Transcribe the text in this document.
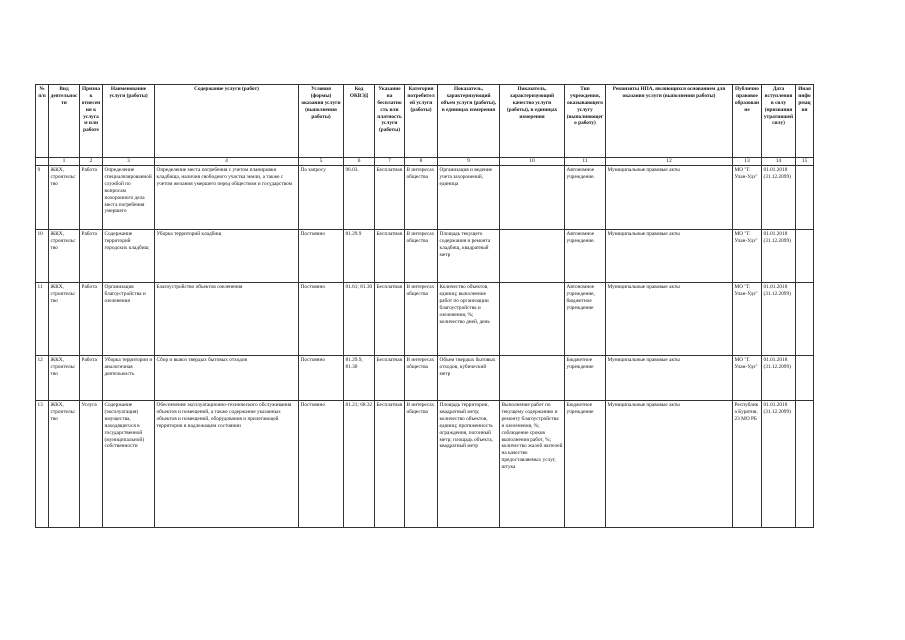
№ п/п	Вид деятельности	Признак отнесения к услугам или работе	Наименование услуги (работы)	Содержание услуги (работ)	Условия (формы) оказания услуги (выполнения работы)	Код ОКВЭД	Указание на бесплатность или платность услуги (работы)	Категория потребителей услуги (работы)	Показатель, характеризующий объем услуги (работы), в единицах измерения	Показатель, характеризующий качество услуги (работы), в единицах измерения	Тип учреждения, оказывающего услугу (выполняющего работу)	Реквизиты НПА, являющихся основанием для оказания услуги (выполнения работы)	Публичноправовое образование	Дата вступления в силу (признания утратившей силу)	Иная информация
	1	2	3	4	5	6	7	8	9	10	11	12	13	14	15
9	ЖКХ, строительство	Работа	Определение специализированной службой по вопросам похоронного дела места погребения умершего	Определение места погребения с учетом планировки кладбища, наличия свободного участка земли, а также с учетом желания умершего перед обществом и государством	По запросу	96.03.	Бесплатная	В интересах общества	Организация и ведение учета захоронений, единица		Автономное учреждение.	Муниципальные правовые акты	МО "Г. Улан-Удэ"	01.01.2018 (31.12.2099)	
10	ЖКХ, строительство	Работа	Содержание территорий городских кладбищ	Уборка территорий кладбищ	Постоянно	81.29.9	Бесплатная	В интересах общества	Площадь текущего содержания и ремонта кладбищ, квадратный метр		Автономное учреждение.	Муниципальные правовые акты	МО "Г. Улан-Удэ"	01.01.2018 (31.12.2099)	
11	ЖКХ, строительство	Работа	Организация благоустройства и озеленения	Благоустройство объектов озеленения	Постоянно	01.61; 81.30	Бесплатная	В интересах общества	Количество объектов, единиц; выполнение работ по организации благоустройства и озеленения, %; количество дней, день		Автономное учреждение, бюджетное учреждение	Муниципальные правовые акты	МО "Г. Улан-Удэ"	01.01.2018 (31.12.2099)	
12	ЖКХ, строительство	Работа	Уборка территории и аналогичная деятельность	Сбор и вывоз твердых бытовых отходов	Постоянно	81.29.9, 81.30	Бесплатная	В интересах общества	Объем твердых бытовых отходов, кубический метр		Бюджетное учреждение	Муниципальные правовые акты	МО "Г. Улан-Удэ"	01.01.2018 (31.12.2099)	
13	ЖКХ, строительство	Услуга	Содержание (эксплуатация) имущества, находящегося в государственной (муниципальной) собственности	Обеспечение эксплуатационно-технического обслуживания объектов и помещений, а также содержание указанных объектов и помещений, оборудования и прилегающей территории в надлежащем состоянии	Постоянно	81.21; 68.32	Бесплатная	В интересах общества	Площадь территории, квадратный метр; количество объектов, единиц; протяженность ограждения, погонный метр; площадь объекта, квадратный метр	Выполнение работ по текущему содержанию и ремонту благоустройства и озеленения, %; соблюдение сроков выполнения работ, %; количество жалоб жителей на качество предоставляемых услуг, штука	Бюджетное учреждение	Муниципальные правовые акты	Республика Бурятия, 23 МО РБ	01.01.2018 (31.12.2099)	
